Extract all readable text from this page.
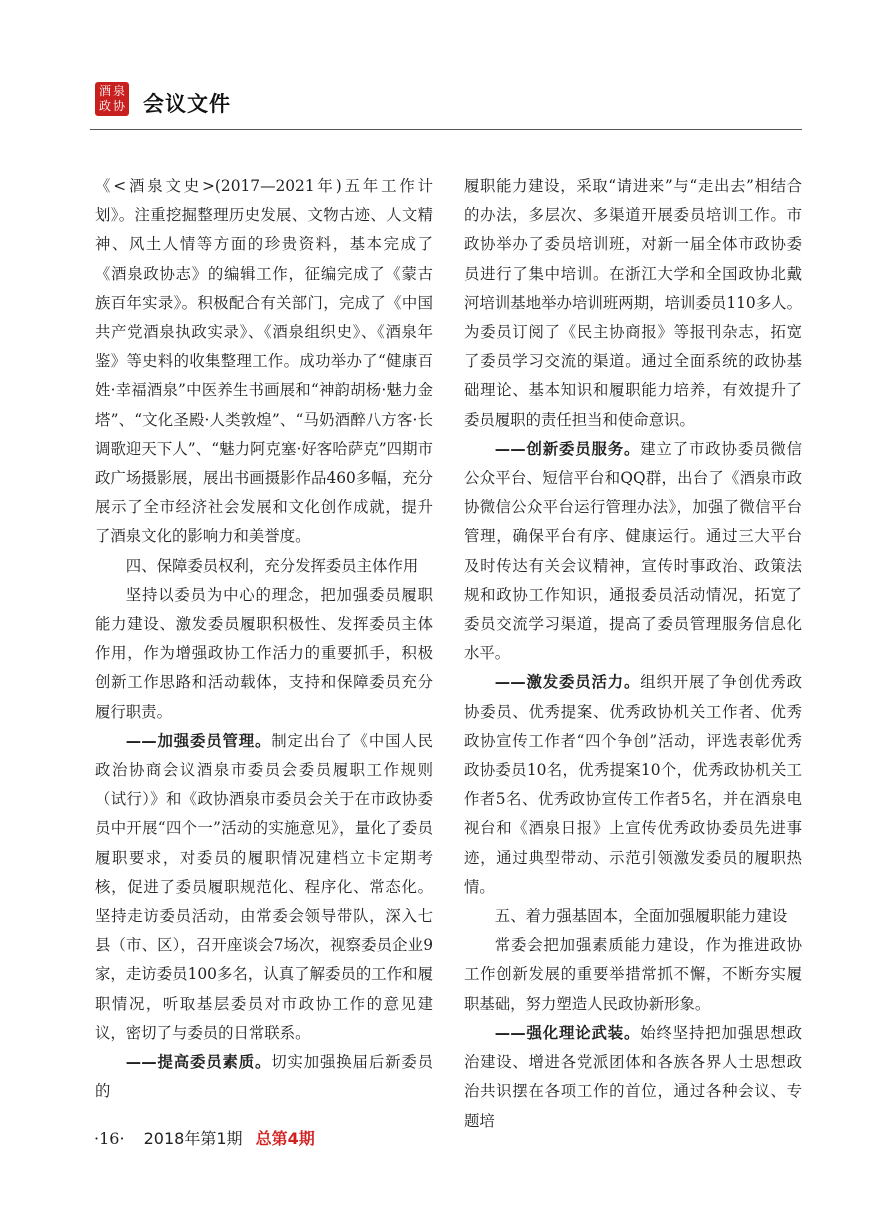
酒 泉
政 协 会议文件

《<酒泉文史>(2017—2021年)五年工作计划》。注重挖掘整理历史发展、文物古迹、人文精神、风土人情等方面的珍贵资料，基本完成了《酒泉政协志》的编辑工作，征编完成了《蒙古族百年实录》。积极配合有关部门，完成了《中国共产党酒泉执政实录》、《酒泉组织史》、《酒泉年鉴》等史料的收集整理工作。成功举办了“健康百姓·幸福酒泉”中医养生书画展和“神韵胡杨·魅力金塔”、“文化圣殿·人类敦煌”、“马奶酒醉八方客·长调歌迎天下人”、“魅力阿克塞·好客哈萨克”四期市政广场摄影展，展出书画摄影作品460多幅，充分展示了全市经济社会发展和文化创作成就，提升了酒泉文化的影响力和美誉度。

四、保障委员权利，充分发挥委员主体作用

坚持以委员为中心的理念，把加强委员履职能力建设、激发委员履职积极性、发挥委员主体作用，作为增强政协工作活力的重要抓手，积极创新工作思路和活动载体，支持和保障委员充分履行职责。

——加强委员管理。制定出台了《中国人民政治协商会议酒泉市委员会委员履职工作规则（试行）》和《政协酒泉市委员会关于在市政协委员中开展“四个一”活动的实施意见》，量化了委员履职要求，对委员的履职情况建档立卡定期考核，促进了委员履职规范化、程序化、常态化。坚持走访委员活动，由常委会领导带队，深入七县（市、区），召开座谈会7场次，视察委员企业9家，走访委员100多名，认真了解委员的工作和履职情况，听取基层委员对市政协工作的意见建议，密切了与委员的日常联系。

——提高委员素质。切实加强换届后新委员的

履职能力建设，采取“请进来”与“走出去”相结合的办法，多层次、多渠道开展委员培训工作。市政协举办了委员培训班，对新一届全体市政协委员进行了集中培训。在浙江大学和全国政协北戴河培训基地举办培训班两期，培训委员110多人。为委员订阅了《民主协商报》等报刊杂志，拓宽了委员学习交流的渠道。通过全面系统的政协基础理论、基本知识和履职能力培养，有效提升了委员履职的责任担当和使命意识。

——创新委员服务。建立了市政协委员微信公众平台、短信平台和QQ群，出台了《酒泉市政协微信公众平台运行管理办法》，加强了微信平台管理，确保平台有序、健康运行。通过三大平台及时传达有关会议精神，宣传时事政治、政策法规和政协工作知识，通报委员活动情况，拓宽了委员交流学习渠道，提高了委员管理服务信息化水平。

——激发委员活力。组织开展了争创优秀政协委员、优秀提案、优秀政协机关工作者、优秀政协宣传工作者“四个争创”活动，评选表彰优秀政协委员10名，优秀提案10个，优秀政协机关工作者5名、优秀政协宣传工作者5名，并在酒泉电视台和《酒泉日报》上宣传优秀政协委员先进事迹，通过典型带动、示范引领激发委员的履职热情。

五、着力强基固本，全面加强履职能力建设

常委会把加强素质能力建设，作为推进政协工作创新发展的重要举措常抓不懈，不断夯实履职基础，努力塑造人民政协新形象。

——强化理论武装。始终坚持把加强思想政治建设、增进各党派团体和各族各界人士思想政治共识摆在各项工作的首位，通过各种会议、专题培

·16· 2018年第1期 总第4期
